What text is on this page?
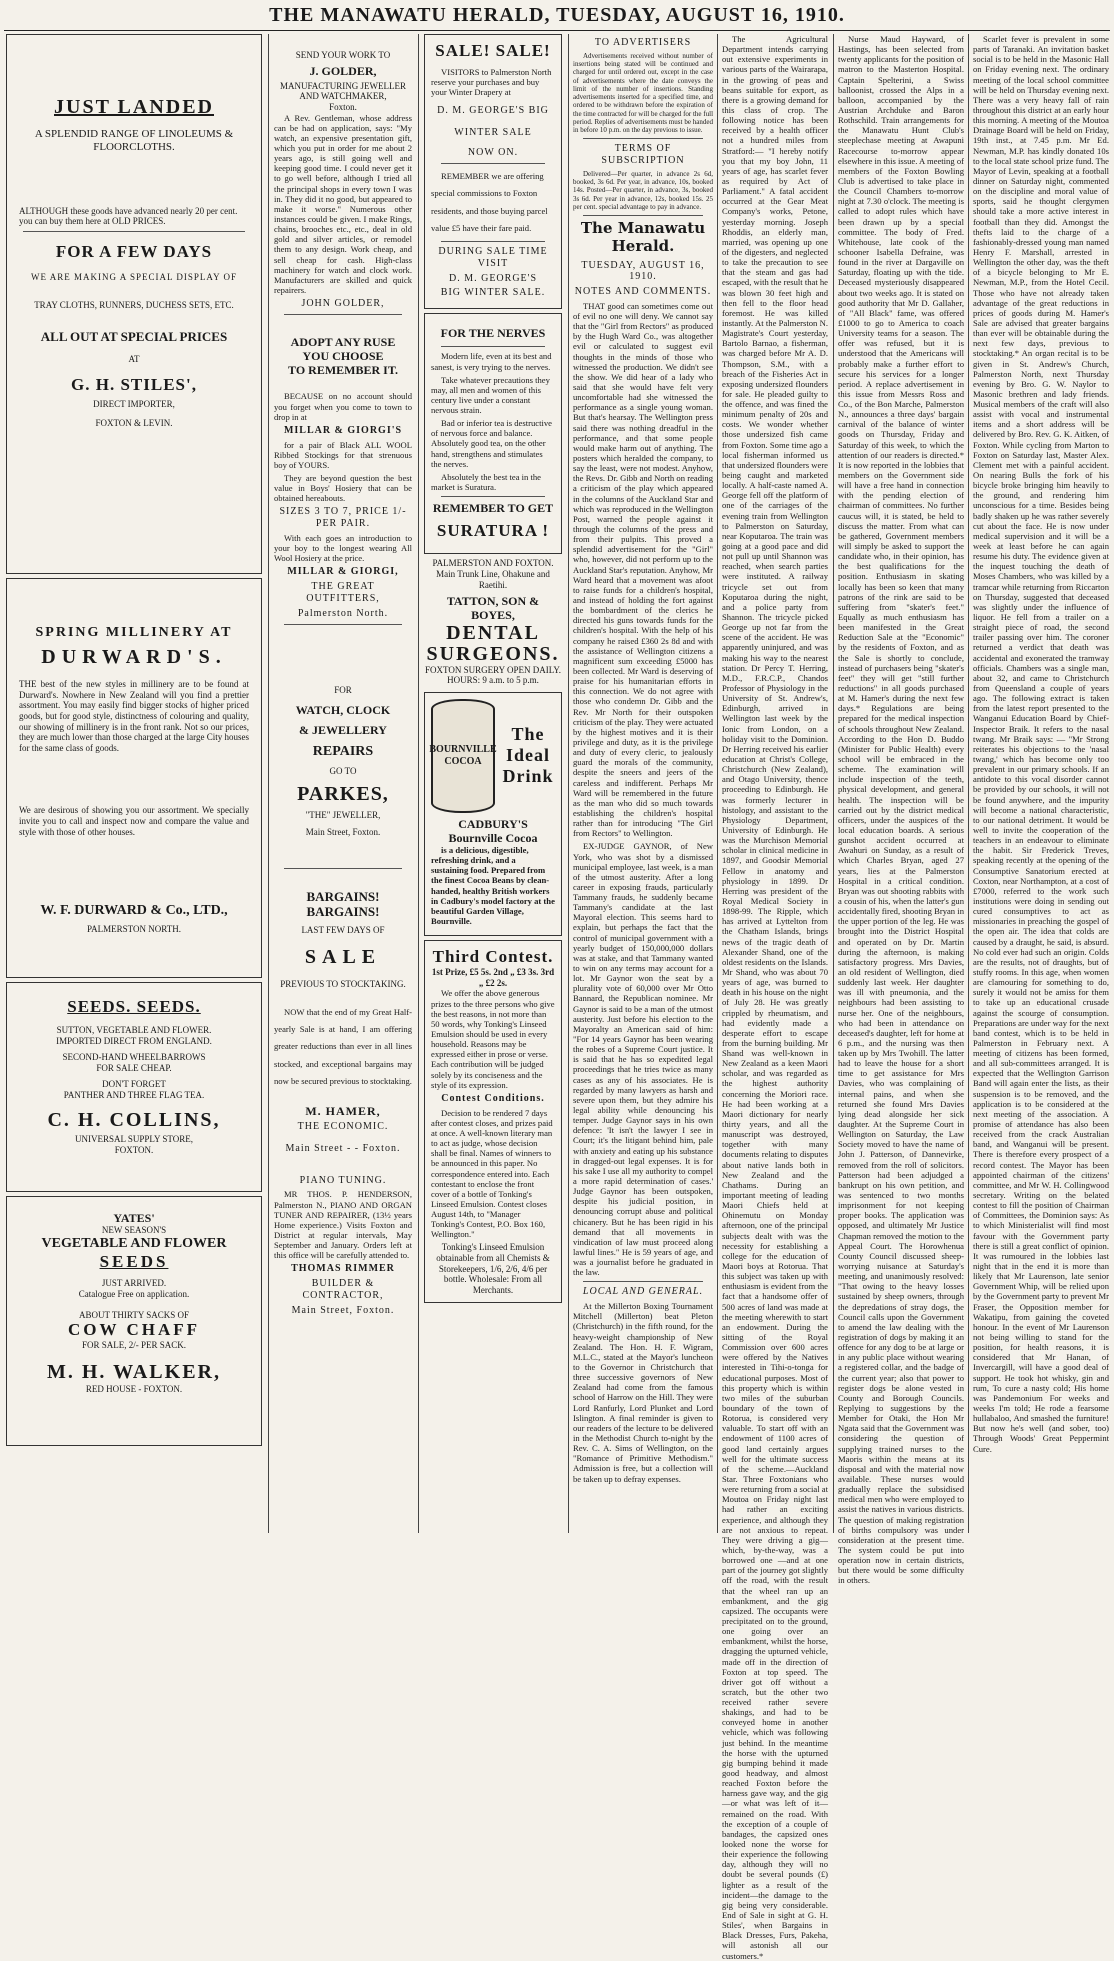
THE MANAWATU HERALD, TUESDAY, AUGUST 16, 1910.
JUST LANDED
A SPLENDID RANGE OF LINOLEUMS & FLOORCLOTHS.
ALTHOUGH these goods have advanced nearly 20 per cent. you can buy them here at OLD PRICES.
FOR A FEW DAYS
WE ARE MAKING A SPECIAL DISPLAY OF
TRAY CLOTHS, RUNNERS, DUCHESS SETS, ETC.
ALL OUT AT SPECIAL PRICES
AT
G. H. STILES',
DIRECT IMPORTER,
FOXTON & LEVIN.
SPRING MILLINERY AT
DURWARD'S.
THE best of the new styles in millinery are to be found at Durward's. Nowhere in New Zealand will you find a prettier assortment. You may easily find bigger stocks of higher priced goods, but for good style, distinctness of colouring and quality, our showing of millinery is in the front rank. Not so our prices, they are much lower than those charged at the large City houses for the same class of goods.
We are desirous of showing you our assortment. We specially invite you to call and inspect now and compare the value and style with those of other houses.
W. F. DURWARD & Co., LTD.,
PALMERSTON NORTH.
SEEDS. SEEDS.
SUTTON, VEGETABLE AND FLOWER.
IMPORTED DIRECT FROM ENGLAND.
SECOND-HAND WHEELBARROWS
FOR SALE CHEAP.
DON'T FORGET
PANTHER AND THREE FLAG TEA.
C. H. COLLINS,
UNIVERSAL SUPPLY STORE,
FOXTON.
YATES'
NEW SEASON'S
VEGETABLE AND FLOWER
SEEDS
JUST ARRIVED.
Catalogue Free on application.
ABOUT THIRTY SACKS OF
COW CHAFF
FOR SALE, 2/- PER SACK.
M. H. WALKER,
RED HOUSE - FOXTON.
SEND YOUR WORK TO
J. GOLDER,
MANUFACTURING JEWELLER AND WATCHMAKER,
Foxton.

A Rev. Gentleman, whose address can be had on application, says: "My watch, an expensive presentation gift, which you put in order for me about 2 years ago, is still going well and keeping good time. I could never get it to go well before, although I tried all the principal shops in every town I was in. They did it no good, but appeared to make it worse." Numerous other instances could be given. I make Rings, chains, brooches etc., etc., deal in old gold and silver articles, or remodel them to any design. Work cheap, and sell cheap for cash. High-class machinery for watch and clock work. Manufacturers are skilled and quick repairers.

JOHN GOLDER,
ADOPT ANY RUSE
YOU CHOOSE
TO REMEMBER IT.

BECAUSE on no account should you forget when you come to town to drop in at

MILLAR & GIORGI'S

for a pair of Black ALL WOOL Ribbed Stockings for that strenuous boy of YOURS.

They are beyond question the best value in Boys' Hosiery that can be obtained hereabouts.

SIZES 3 TO 7, PRICE 1/- PER PAIR.

With each goes an introduction to your boy to the longest wearing All Wool Hosiery at the price.

MILLAR & GIORGI,
THE GREAT OUTFITTERS,
Palmerston North.
FOR
WATCH, CLOCK
& JEWELLERY
REPAIRS
GO TO
PARKES,
"THE" JEWELLER,
Main Street, Foxton.
BARGAINS! BARGAINS!
LAST FEW DAYS OF
SALE
PREVIOUS TO STOCKTAKING.

NOW that the end of my Great Half-yearly Sale is at hand, I am offering greater reductions than ever in all lines stocked, and exceptional bargains may now be secured previous to stocktaking.

M. HAMER,
THE ECONOMIC.
Main Street - - Foxton.
PIANO TUNING.

MR THOS. P. HENDERSON, Palmerston N., PIANO AND ORGAN TUNER AND REPAIRER, (13½ years Home experience.) Visits Foxton and District at regular intervals, May September and January. Orders left at this office will be carefully attended to.

THOMAS RIMMER
BUILDER & CONTRACTOR,
Main Street, Foxton.
SALE! SALE!

VISITORS to Palmerston North reserve your purchases and buy your Winter Drapery at

D. M. GEORGE'S BIG WINTER SALE
NOW ON.

REMEMBER we are offering special commissions to Foxton residents, and those buying parcel value £5 have their fare paid.

DURING SALE TIME VISIT
D. M. GEORGE'S
BIG WINTER SALE.
FOR THE NERVES

Modern life, even at its best and sanest, is very trying to the nerves.

Take whatever precautions they may, all men and women of this century live under a constant nervous strain.

Bad or inferior tea is destructive of nervous force and balance. Absolutely good tea, on the other hand, strengthens and stimulates the nerves.

Absolutely the best tea in the market is Suratura.

REMEMBER TO GET
SURATURA !
PALMERSTON AND FOXTON.
Main Trunk Line, Ohakune and Raetihi.
TATTON, SON & BOYES,
DENTAL SURGEONS.
FOXTON SURGERY OPEN DAILY.
HOURS: 9 a.m. to 5 p.m.
BOURNVILLE COCOA
The Ideal Drink
CADBURY'S
Bournville Cocoa

is a delicious, digestible, refreshing drink, and a sustaining food. Prepared from the finest Cocoa Beans by clean-handed, healthy British workers in Cadbury's model factory at the beautiful Garden Village, Bournville.

Third Contest.
1st Prize, £5 5s. 2nd „ £3 3s. 3rd „ £2 2s.

We offer the above generous prizes to the three persons who give the best reasons, in not more than 50 words, why Tonking's Linseed Emulsion should be used in every household. Reasons may be expressed either in prose or verse. Each contribution will be judged solely by its conciseness and the style of its expression.

Contest Conditions.

Decision to be rendered 7 days after contest closes, and prizes paid at once. A well-known literary man to act as judge, whose decision shall be final. Names of winners to be announced in this paper. No correspondence entered into. Each contestant to enclose the front cover of a bottle of Tonking's Linseed Emulsion. Contest closes August 14th, to "Manager Tonking's Contest, P.O. Box 160, Wellington."

Tonking's Linseed Emulsion obtainable from all Chemists & Storekeepers, 1/6, 2/6, 4/6 per bottle. Wholesale: From all Merchants.
TO ADVERTISERS

Advertisements received without number of insertions being stated will be continued and charged for until ordered out, except in the case of advertisements where the date conveys the limit of the number of insertions. Standing advertisements inserted for a specified time, and ordered to be withdrawn before the expiration of the time contracted for will be charged for the full period. Replies of advertisements must be handed in before 10 p.m. on the day previous to issue.

TERMS OF SUBSCRIPTION

Delivered—Per quarter, in advance 2s 6d, booked, 3s 6d. Per year, in advance, 10s, booked 14s. Posted—Per quarter, in advance, 3s, booked 3s 6d. Per year in advance, 12s, booked 15s. 25 per cent. special advantage to pay in advance.

The Manawatu Herald.
TUESDAY, AUGUST 16, 1910.
NOTES AND COMMENTS.

THAT good can sometimes come out of evil no one will deny. We cannot say that the "Girl from Rectors" as produced by the Hugh Ward Co., was altogether evil or calculated to suggest evil thoughts in the minds of those who witnessed the production. We didn't see the show. We did hear of a lady who said that she would have felt very uncomfortable had she witnessed the performance as a single young woman. But that's hearsay. The Wellington press said there was nothing dreadful in the performance, and that some people would make harm out of anything. The posters which heralded the company, to say the least, were not modest. Anyhow, the Revs. Dr. Gibb and North on reading a criticism of the play which appeared in the columns of the Auckland Star and which was reproduced in the Wellington Post, warned the people against it through the columns of the press and from their pulpits. This proved a splendid advertisement for the "Girl" who, however, did not perform up to the Auckland Star's reputation. Anyhow, Mr Ward heard that a movement was afoot to raise funds for a children's hospital, and instead of holding the fort against the bombardment of the clerics he directed his guns towards funds for the children's hospital. With the help of his company he raised £360 2s 8d and with the assistance of Wellington citizens a magnificent sum exceeding £5000 has been collected. Mr Ward is deserving of praise for his humanitarian efforts in this connection. We do not agree with those who condemn Dr. Gibb and the Rev. Mr North for their outspoken criticism of the play. They were actuated by the highest motives and it is their privilege and duty, as it is the privilege and duty of every cleric, to jealously guard the morals of the community, despite the sneers and jeers of the careless and indifferent. Perhaps Mr Ward will be remembered in the future as the man who did so much towards establishing the children's hospital rather than for introducing "The Girl from Rectors" to Wellington.

EX-JUDGE GAYNOR, of New York, who was shot by a dismissed municipal employee, last week, is a man of the utmost austerity. After a long career in exposing frauds, particularly Tammany frauds, he suddenly became Tammany's candidate at the last Mayoral election. This seems hard to explain, but perhaps the fact that the control of municipal government with a yearly budget of 150,000,000 dollars was at stake, and that Tammany wanted to win on any terms may account for a lot. Mr Gaynor won the seat by a plurality vote of 60,000 over Mr Otto Bannard, the Republican nominee. Mr Gaynor is said to be a man of the utmost austerity. Just before his election to the Mayoralty an American said of him: "For 14 years Gaynor has been wearing the robes of a Supreme Court justice. It is said that he has so expedited legal proceedings that he tries twice as many cases as any of his associates. He is regarded by many lawyers as harsh and severe upon them, but they admire his legal ability while denouncing his temper. Judge Gaynor says in his own defence: 'It isn't the lawyer I see in Court; it's the litigant behind him, pale with anxiety and eating up his substance in dragged-out legal expenses. It is for his sake I use all my authority to compel a more rapid determination of cases.' Judge Gaynor has been outspoken, despite his judicial position, in denouncing corrupt abuse and political chicanery. But he has been rigid in his demand that all movements in vindication of law must proceed along lawful lines." He is 59 years of age, and was a journalist before he graduated in the law.

LOCAL AND GENERAL.

At the Millerton Boxing Tournament Mitchell (Millerton) beat Pleton (Christchurch) in the fifth round, for the heavy-weight championship of New Zealand. The Hon. H. F. Wigram, M.L.C., stated at the Mayor's luncheon to the Governor in Christchurch that three successive governors of New Zealand had come from the famous school of Harrow on the Hill. They were Lord Ranfurly, Lord Plunket and Lord Islington. A final reminder is given to our readers of the lecture to be delivered in the Methodist Church to-night by the Rev. C. A. Sims of Wellington, on the "Romance of Primitive Methodism." Admission is free, but a collection will be taken up to defray expenses.

The Agricultural Department intends carrying out extensive experiments in various parts of the Wairarapa, in the growing of peas and beans suitable for export, as there is a growing demand for this class of crop. The following notice has been received by a health officer not a hundred miles from Stratford:— "I hereby notify you that my boy John, 11 years of age, has scarlet fever as required by Act of Parliament." A fatal accident occurred at the Gear Meat Company's works, Petone, yesterday morning. Joseph Rhoddis, an elderly man, married, was opening up one of the digesters, and neglected to take the precaution to see that the steam and gas had escaped, with the result that he was blown 30 feet high and then fell to the floor head foremost. He was killed instantly. At the Palmerston N. Magistrate's Court yesterday, Bartolo Barnao, a fisherman, was charged before Mr A. D. Thompson, S.M., with a breach of the Fisheries Act in exposing undersized flounders for sale. He pleaded guilty to the offence, and was fined the minimum penalty of 20s and costs. We wonder whether those undersized fish came from Foxton. Some time ago a local fisherman informed us that undersized flounders were being caught and marketed locally. A half-caste named A. George fell off the platform of one of the carriages of the evening train from Wellington to Palmerston on Saturday, near Koputaroa. The train was going at a good pace and did not pull up until Shannon was reached, when search parties were instituted. A railway tricycle set out from Koputaroa during the night, and a police party from Shannon. The tricycle picked George up not far from the scene of the accident. He was apparently uninjured, and was making his way to the nearest station. Dr Percy T. Herring, M.D., F.R.C.P., Chandos Professor of Physiology in the University of St. Andrew's, Edinburgh, arrived in Wellington last week by the Ionic from London, on a holiday visit to the Dominion. Dr Herring received his earlier education at Christ's College, Christchurch (New Zealand), and Otago University, thence proceeding to Edinburgh. He was formerly lecturer in histology, and assistant to the Physiology Department, University of Edinburgh. He was the Murchison Memorial scholar in clinical medicine in 1897, and Goodsir Memorial Fellow in anatomy and physiology in 1899. Dr Herring was president of the Royal Medical Society in 1898-99. The Ripple, which has arrived at Lyttelton from the Chatham Islands, brings news of the tragic death of Alexander Shand, one of the oldest residents on the Islands. Mr Shand, who was about 70 years of age, was burned to death in his house on the night of July 28. He was greatly crippled by rheumatism, and had evidently made a desperate effort to escape from the burning building. Mr Shand was well-known in New Zealand as a keen Maori scholar, and was regarded as the highest authority concerning the Moriori race. He had been working at a Maori dictionary for nearly thirty years, and all the manuscript was destroyed, together with many documents relating to disputes about native lands both in New Zealand and the Chathams. During an important meeting of leading Maori Chiefs held at Ohinemutu on Monday afternoon, one of the principal subjects dealt with was the necessity for establishing a college for the education of Maori boys at Rotorua. That this subject was taken up with enthusiasm is evident from the fact that a handsome offer of 500 acres of land was made at the meeting wherewith to start an endowment. During the sitting of the Royal Commission over 600 acres were offered by the Natives interested in Tihi-o-tonga for educational purposes. Most of this property which is within two miles of the suburban boundary of the town of Rotorua, is considered very valuable. To start off with an endowment of 1100 acres of good land certainly argues well for the ultimate success of the scheme.—Auckland Star. Three Foxtonians who were returning from a social at Moutoa on Friday night last had rather an exciting experience, and although they are not anxious to repeat. They were driving a gig—which, by-the-way, was a borrowed one —and at one part of the journey got slightly off the road, with the result that the wheel ran up an embankment, and the gig capsized. The occupants were precipitated on to the ground, one going over an embankment, whilst the horse, dragging the upturned vehicle, made off in the direction of Foxton at top speed. The driver got off without a scratch, but the other two received rather severe shakings, and had to be conveyed home in another vehicle, which was following just behind. In the meantime the horse with the upturned gig bumping behind it made good headway, and almost reached Foxton before the harness gave way, and the gig—or what was left of it—remained on the road. With the exception of a couple of bandages, the capsized ones looked none the worse for their experience the following day, although they will no doubt be several pounds (£) lighter as a result of the incident—the damage to the gig being very considerable. End of Sale in sight at G. H. Stiles', when Bargains in Black Dresses, Furs, Pakeha, will astonish all our customers.*

Nurse Maud Hayward, of Hastings, has been selected from twenty applicants for the position of matron to the Masterton Hospital. Captain Spelterini, a Swiss balloonist, crossed the Alps in a balloon, accompanied by the Austrian Archduke and Baron Rothschild. Train arrangements for the Manawatu Hunt Club's steeplechase meeting at Awapuni Racecourse to-morrow appear elsewhere in this issue. A meeting of members of the Foxton Bowling Club is advertised to take place in the Council Chambers to-morrow night at 7.30 o'clock. The meeting is called to adopt rules which have been drawn up by a special committee. The body of Fred. Whitehouse, late cook of the schooner Isabella Defraine, was found in the river at Dargaville on Saturday, floating up with the tide. Deceased mysteriously disappeared about two weeks ago. It is stated on good authority that Mr D. Gallaher, of "All Black" fame, was offered £1000 to go to America to coach University teams for a season. The offer was refused, but it is understood that the Americans will probably make a further effort to secure his services for a longer period. A replace advertisement in this issue from Messrs Ross and Co., of the Bon Marche, Palmerston N., announces a three days' bargain carnival of the balance of winter goods on Thursday, Friday and Saturday of this week, to which the attention of our readers is directed.* It is now reported in the lobbies that members on the Government side will have a free hand in connection with the pending election of chairman of committees. No further caucus will, it is stated, be held to discuss the matter. From what can be gathered, Government members will simply be asked to support the candidate who, in their opinion, has the best qualifications for the position. Enthusiasm in skating locally has been so keen that many patrons of the rink are said to be suffering from "skater's feet." Equally as much enthusiasm has been manifested in the Great Reduction Sale at the "Economic" by the residents of Foxton, and as the Sale is shortly to conclude, instead of purchasers being "skater's feet" they will get "still further reductions" in all goods purchased at M. Hamer's during the next few days.* Regulations are being prepared for the medical inspection of schools throughout New Zealand. According to the Hon D. Buddo (Minister for Public Health) every school will be embraced in the scheme. The examination will include inspection of the teeth, physical development, and general health. The inspection will be carried out by the district medical officers, under the auspices of the local education boards. A serious gunshot accident occurred at Awahuri on Sunday, as a result of which Charles Bryan, aged 27 years, lies at the Palmerston Hospital in a critical condition. Bryan was out shooting rabbits with a cousin of his, when the latter's gun accidentally fired, shooting Bryan in the upper portion of the leg. He was brought into the District Hospital and operated on by Dr. Martin during the afternoon, is making satisfactory progress. Mrs Davies, an old resident of Wellington, died suddenly last week. Her daughter was ill with pneumonia, and the neighbours had been assisting to nurse her. One of the neighbours, who had been in attendance on deceased's daughter, left for home at 6 p.m., and the nursing was then taken up by Mrs Twohill. The latter had to leave the house for a short time to get assistance for Mrs Davies, who was complaining of internal pains, and when she returned she found Mrs Davies lying dead alongside her sick daughter. At the Supreme Court in Wellington on Saturday, the Law Society moved to have the name of John J. Patterson, of Dannevirke, removed from the roll of solicitors. Patterson had been adjudged a bankrupt on his own petition, and was sentenced to two months imprisonment for not keeping proper books. The application was opposed, and ultimately Mr Justice Chapman removed the motion to the Appeal Court. The Horowhenua County Council discussed sheep-worrying nuisance at Saturday's meeting, and unanimously resolved: "That owing to the heavy losses sustained by sheep owners, through the depredations of stray dogs, the Council calls upon the Government to amend the law dealing with the registration of dogs by making it an offence for any dog to be at large or in any public place without wearing a registered collar, and the badge of the current year; also that power to register dogs be alone vested in County and Borough Councils. Replying to suggestions by the Member for Otaki, the Hon Mr Ngata said that the Government was considering the question of supplying trained nurses to the Maoris within the means at its disposal and with the material now available. These nurses would gradually replace the subsidised medical men who were employed to assist the natives in various districts. The question of making registration of births compulsory was under consideration at the present time. The system could be put into operation now in certain districts, but there would be some difficulty in others.

Scarlet fever is prevalent in some parts of Taranaki. An invitation basket social is to be held in the Masonic Hall on Friday evening next. The ordinary meeting of the local school committee will be held on Thursday evening next. There was a very heavy fall of rain throughout this district at an early hour this morning. A meeting of the Moutoa Drainage Board will be held on Friday, 19th inst., at 7.45 p.m. Mr Ed. Newman, M.P. has kindly donated 10s to the local state school prize fund. The Mayor of Levin, speaking at a football dinner on Saturday night, commented on the discipline and moral value of sports, said he thought clergymen should take a more active interest in football than they did. Amongst the thefts laid to the charge of a fashionably-dressed young man named Henry F. Marshall, arrested in Wellington the other day, was the theft of a bicycle belonging to Mr E. Newman, M.P., from the Hotel Cecil. Those who have not already taken advantage of the great reductions in prices of goods during M. Hamer's Sale are advised that greater bargains than ever will be obtainable during the next few days, previous to stocktaking.* An organ recital is to be given in St. Andrew's Church, Palmerston North, next Thursday evening by Bro. G. W. Naylor to Masonic brethren and lady friends. Musical members of the craft will also assist with vocal and instrumental items and a short address will be delivered by Bro. Rev. G. K. Aitken, of Foxton. While cycling from Marton to Foxton on Saturday last, Master Alex. Clement met with a painful accident. On nearing Bulls the fork of his bicycle broke bringing him heavily to the ground, and rendering him unconscious for a time. Besides being badly shaken up he was rather severely cut about the face. He is now under medical supervision and it will be a week at least before he can again resume his duty. The evidence given at the inquest touching the death of Moses Chambers, who was killed by a tramcar while returning from Riccarton on Thursday, suggested that deceased was slightly under the influence of liquor. He fell from a trailer on a straight piece of road, the second trailer passing over him. The coroner returned a verdict that death was accidental and exonerated the tramway officials. Chambers was a single man, about 32, and came to Christchurch from Queensland a couple of years ago. The following extract is taken from the latest report presented to the Wanganui Education Board by Chief-Inspector Braik. It refers to the nasal twang. Mr Braik says: — "Mr Strong reiterates his objections to the 'nasal twang,' which has become only too prevalent in our primary schools. If an antidote to this vocal disorder cannot be provided by our schools, it will not be found anywhere, and the impurity will become a national characteristic, to our national detriment. It would be well to invite the cooperation of the teachers in an endeavour to eliminate the habit. Sir Frederick Treves, speaking recently at the opening of the Consumptive Sanatorium erected at Coxton, near Northampton, at a cost of £7000, referred to the work such institutions were doing in sending out cured consumptives to act as missionaries in preaching the gospel of the open air. The idea that colds are caused by a draught, he said, is absurd. No cold ever had such an origin. Colds are the results, not of draughts, but of stuffy rooms. In this age, when women are clamouring for something to do, surely it would not be amiss for them to take up an educational crusade against the scourge of consumption. Preparations are under way for the next band contest, which is to be held in Palmerston in February next. A meeting of citizens has been formed, and all sub-committees arranged. It is expected that the Wellington Garrison Band will again enter the lists, as their suspension is to be removed, and the application is to be considered at the next meeting of the association. A promise of attendance has also been received from the crack Australian band, and Wanganui will be present. There is therefore every prospect of a record contest. The Mayor has been appointed chairman of the citizens' committee, and Mr W. H. Collingwood secretary. Writing on the belated contest to fill the position of Chairman of Committees, the Dominion says: As to which Ministerialist will find most favour with the Government party there is still a great conflict of opinion. It was rumoured in the lobbies last night that in the end it is more than likely that Mr Laurenson, late senior Government Whip, will be relied upon by the Government party to prevent Mr Fraser, the Opposition member for Wakatipu, from gaining the coveted honour. In the event of Mr Laurenson not being willing to stand for the position, for health reasons, it is considered that Mr Hanan, of Invercargill, will have a good deal of support. He took hot whisky, gin and rum, To cure a nasty cold; His home was Pandemonium For weeks and weeks I'm told; He rode a fearsome hullabaloo, And smashed the furniture! But now he's well (and sober, too) Through Woods' Great Peppermint Cure.
